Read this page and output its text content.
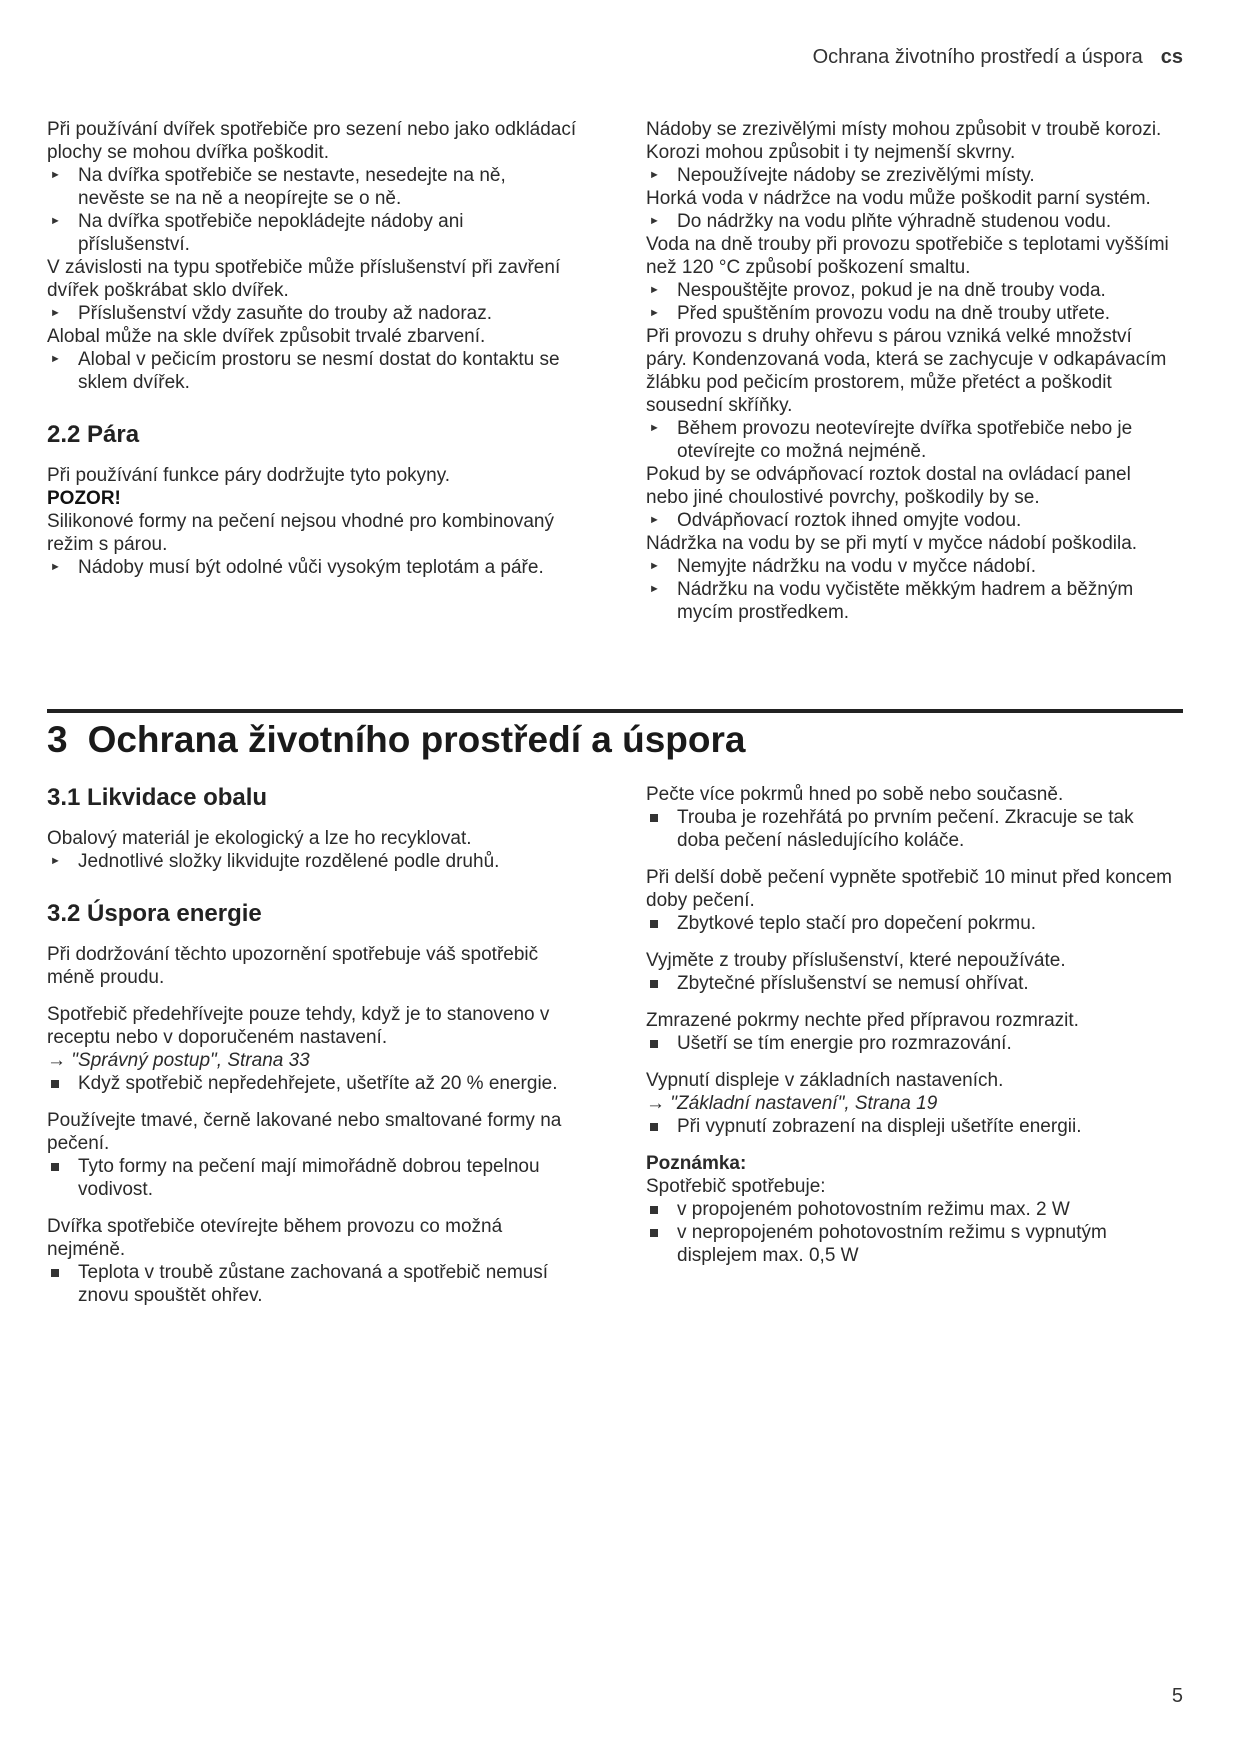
Ochrana životního prostředí a úspora cs

Při používání dvířek spotřebiče pro sezení nebo jako odkládací plochy se mohou dvířka poškodit.

► Na dvířka spotřebiče se nestavte, nesedejte na ně, nevěste se na ně a neopírejte se o ně.

► Na dvířka spotřebiče nepokládejte nádoby ani příslušenství.

V závislosti na typu spotřebiče může příslušenství při zavření dvířek poškrábat sklo dvířek.

► Příslušenství vždy zasuňte do trouby až nadoraz.

Alobal může na skle dvířek způsobit trvalé zbarvení.

► Alobal v pečicím prostoru se nesmí dostat do kontaktu se sklem dvířek.

2.2 Pára

Při používání funkce páry dodržujte tyto pokyny.

POZOR!

Silikonové formy na pečení nejsou vhodné pro kombinovaný režim s párou.

► Nádoby musí být odolné vůči vysokým teplotám a páře.

Nádoby se zrezivělými místy mohou způsobit v troubě korozi. Korozi mohou způsobit i ty nejmenší skvrny.

► Nepoužívejte nádoby se zrezivělými místy.

Horká voda v nádržce na vodu může poškodit parní systém.

► Do nádržky na vodu plňte výhradně studenou vodu.

Voda na dně trouby při provozu spotřebiče s teplotami vyššími než 120 °C způsobí poškození smaltu.

► Nespouštějte provoz, pokud je na dně trouby voda.

► Před spuštěním provozu vodu na dně trouby utřete.

Při provozu s druhy ohřevu s párou vzniká velké množství páry. Kondenzovaná voda, která se zachycuje v odkapávacím žlábku pod pečicím prostorem, může přetéct a poškodit sousední skříňky.

► Během provozu neotevírejte dvířka spotřebiče nebo je otevírejte co možná nejméně.

Pokud by se odvápňovací roztok dostal na ovládací panel nebo jiné choulostivé povrchy, poškodily by se.

► Odvápňovací roztok ihned omyjte vodou.

Nádržka na vodu by se při mytí v myčce nádobí poškodila.

► Nemyjte nádržku na vodu v myčce nádobí.

► Nádržku na vodu vyčistěte měkkým hadrem a běžným mycím prostředkem.

3 Ochrana životního prostředí a úspora
3.1 Likvidace obalu

Obalový materiál je ekologický a lze ho recyklovat.

► Jednotlivé složky likvidujte rozdělené podle druhů.

3.2 Úspora energie

Při dodržování těchto upozornění spotřebuje váš spotřebič méně proudu.

Spotřebič předehřívejte pouze tehdy, když je to stanoveno v receptu nebo v doporučeném nastavení.

→ "Správný postup", Strana 33

Když spotřebič nepředehřejete, ušetříte až 20 % energie.

Používejte tmavé, černě lakované nebo smaltované formy na pečení.

Tyto formy na pečení mají mimořádně dobrou tepelnou vodivost.

Dvířka spotřebiče otevírejte během provozu co možná nejméně.

Teplota v troubě zůstane zachovaná a spotřebič nemusí znovu spouštět ohřev.

Pečte více pokrmů hned po sobě nebo současně.

Trouba je rozehřátá po prvním pečení. Zkracuje se tak doba pečení následujícího koláče.

Při delší době pečení vypněte spotřebič 10 minut před koncem doby pečení.

Zbytkové teplo stačí pro dopečení pokrmu.

Vyjměte z trouby příslušenství, které nepoužíváte.

Zbytečné příslušenství se nemusí ohřívat.

Zmrazené pokrmy nechte před přípravou rozmrazit.

Ušetří se tím energie pro rozmrazování.

Vypnutí displeje v základních nastaveních.

→ "Základní nastavení", Strana 19

Při vypnutí zobrazení na displeji ušetříte energii.

Poznámka:

Spotřebič spotřebuje:

v propojeném pohotovostním režimu max. 2 W

v nepropojeném pohotovostním režimu s vypnutým displejem max. 0,5 W

5
